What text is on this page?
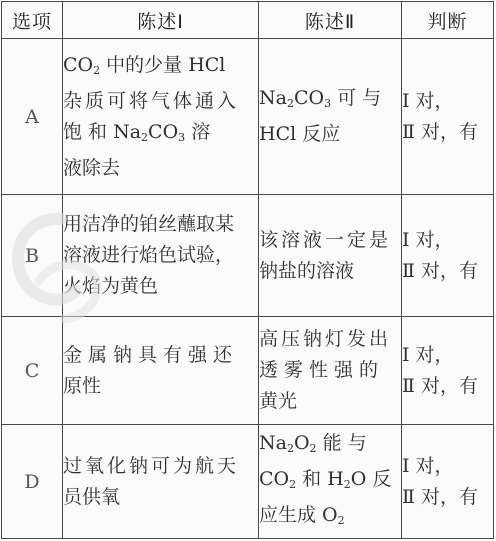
选项	陈述Ⅰ	陈述Ⅱ	判断
A	$CO_2$ 中的少量 HCl
杂质可将气体通入
饱 和 $Na_2CO_3$ 溶
液除去	$Na_2CO_3$ 可 与
HCl 反应	Ⅰ 对，
Ⅱ 对，有

B	用洁净的铂丝蘸取某
溶液进行焰色试验，
火焰为黄色	该溶液一定是
钠盐的溶液	Ⅰ 对，
Ⅱ 对，有

C	金属钠具有强还
原性	高压钠灯发出
透雾性强的
黄光	Ⅰ 对，
Ⅱ 对，有

D	过氧化钠可为航天
员供氧	$Na_2O_2$ 能 与
$CO_2$ 和 $H_2O$ 反
应生成 $O_2$	Ⅰ 对，
Ⅱ 对，有
